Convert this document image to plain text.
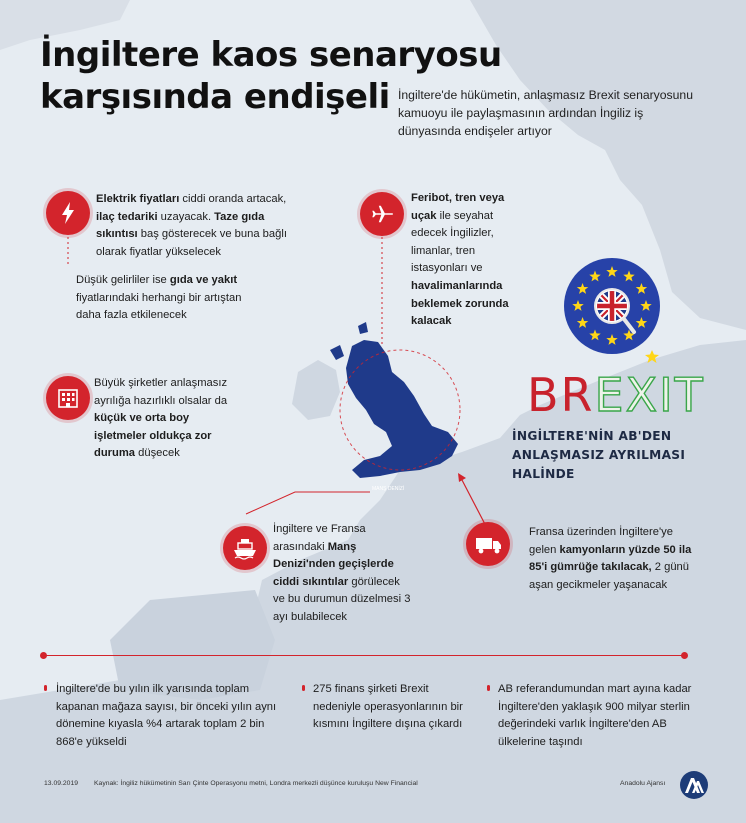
MANŞ DENİZİ
İngiltere kaos senaryosu
karşısında endişeli İngiltere'de hükümetin, anlaşmasız Brexit senaryosunu kamuoyu ile paylaşmasının ardından İngiliz iş dünyasında endişeler artıyor
Elektrik fiyatları ciddi oranda artacak, ilaç tedariki uzayacak. Taze gıda sıkıntısı baş gösterecek ve buna bağlı olarak fiyatlar yükselecek
Düşük gelirliler ise gıda ve yakıt fiyatlarındaki herhangi bir artıştan daha fazla etkilenecek
Büyük şirketler anlaşmasız ayrılığa hazırlıklı olsalar da küçük ve orta boy işletmeler oldukça zor duruma düşecek
Feribot, tren veya uçak ile seyahat edecek İngilizler, limanlar, tren istasyonları ve havalimanlarında beklemek zorunda kalacak
İngiltere ve Fransa arasındaki Manş Denizi'nden geçişlerde ciddi sıkıntılar görülecek ve bu durumun düzelmesi 3 ayı bulabilecek
Fransa üzerinden İngiltere'ye gelen kamyonların yüzde 50 ila 85'i gümrüğe takılacak, 2 günü aşan gecikmeler yaşanacak
BREXIT
İNGİLTERE'NİN AB'DEN ANLAŞMASIZ AYRILMASI HALİNDE
İngiltere'de bu yılın ilk yarısında toplam kapanan mağaza sayısı, bir önceki yılın aynı dönemine kıyasla %4 artarak toplam 2 bin 868'e yükseldi
275 finans şirketi Brexit nedeniyle operasyonlarının bir kısmını İngiltere dışına çıkardı
AB referandumundan mart ayına kadar İngiltere'den yaklaşık 900 milyar sterlin değerindeki varlık İngiltere'den AB ülkelerine taşındı
13.09.2019 Kaynak: İngiliz hükümetinin Sarı Çinte Operasyonu metni, Londra merkezli düşünce kuruluşu New Financial	Anadolu Ajansı
